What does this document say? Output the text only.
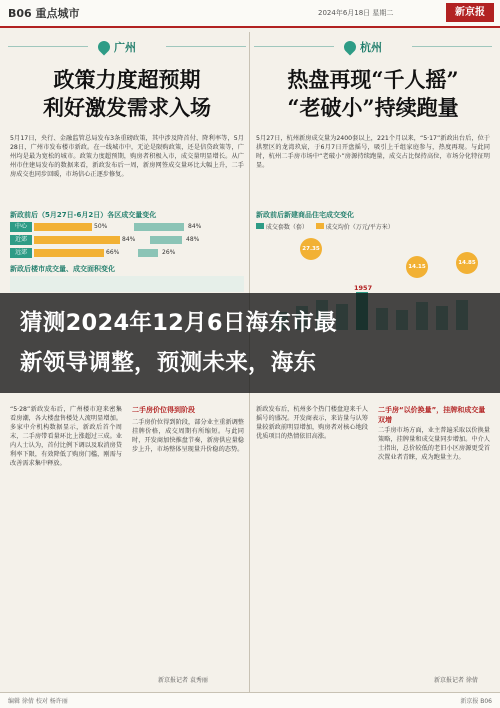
B06 重点城市	2024年6月18日 星期二	新京报
广州
政策力度超预期
利好激发需求入场
5月17日，央行、金融监管总局发布3条重磅政策，其中涉及降首付、降利率等，5月28日，广州市发布楼市新政。在一线城市中，无论是限购政策，还是信贷政策等，广州均是最为宽松的城市。政策力度超预期，购房者积极入市，成交量明显增长。从广州市住建局发布的数据来看，新政发布后一周，新房网签成交量环比大幅上升，二手房成交也同步回暖，市场信心正逐步修复。
新政前后（5月27日-6月2日）各区成交量变化
中心	50%	84%
近郊	84%	48%
远郊	66%	26%
新政后楼市成交量、成交面积变化
“5·28”新政发布后，广州楼市迎来密集看房潮，各大楼盘售楼处人流明显增加。多家中介机构数据显示，新政后首个周末，二手房带看量环比上涨超过三成。业内人士认为，首付比例下调以及取消房贷利率下限，有效降低了购房门槛，刚需与改善需求集中释放。
二手房价位得到阶段
二手房价位得到阶段，部分业主重新调整挂牌价格，成交周期有所缩短。与此同时，开发商加快推盘节奏，新房供应量稳步上升，市场整体呈现量升价稳的态势。
新京报记者 袁秀丽
杭州
热盘再现“千人摇”
“老破小”持续跑量
5月27日，杭州新房成交量为2400套以上，221个月以来，“5·17”新政出台后，位于拱墅区的龙湾玖宸，于6月7日开盘摇号，吸引上千组家庭参与，热度再现。与此同时，杭州二手房市场中“老破小”房源持续跑量，成交占比保持高位，市场分化特征明显。
新政前后新建商品住宅成交变化
成交套数（套）	成交均价（万元/平方米）
27.35
14.15
14.85
1957
新政发布后，杭州多个热门楼盘迎来千人摇号的盛况。开发商表示，来访量与认筹量较新政前明显增加，购房者对核心地段优质项目的热情依旧高涨。
二手房“以价换量”，挂牌和成交量双增
二手房市场方面，业主普遍采取以价换量策略，挂牌量和成交量同步增加。中介人士指出，总价较低的老旧小区房源更受首次置业者青睐，成为跑量主力。
新京报记者 徐倩
猜测2024年12月6日海东市最
新领导调整，预测未来，海东
编辑 徐倩 校对 杨许丽	新京报 B06
